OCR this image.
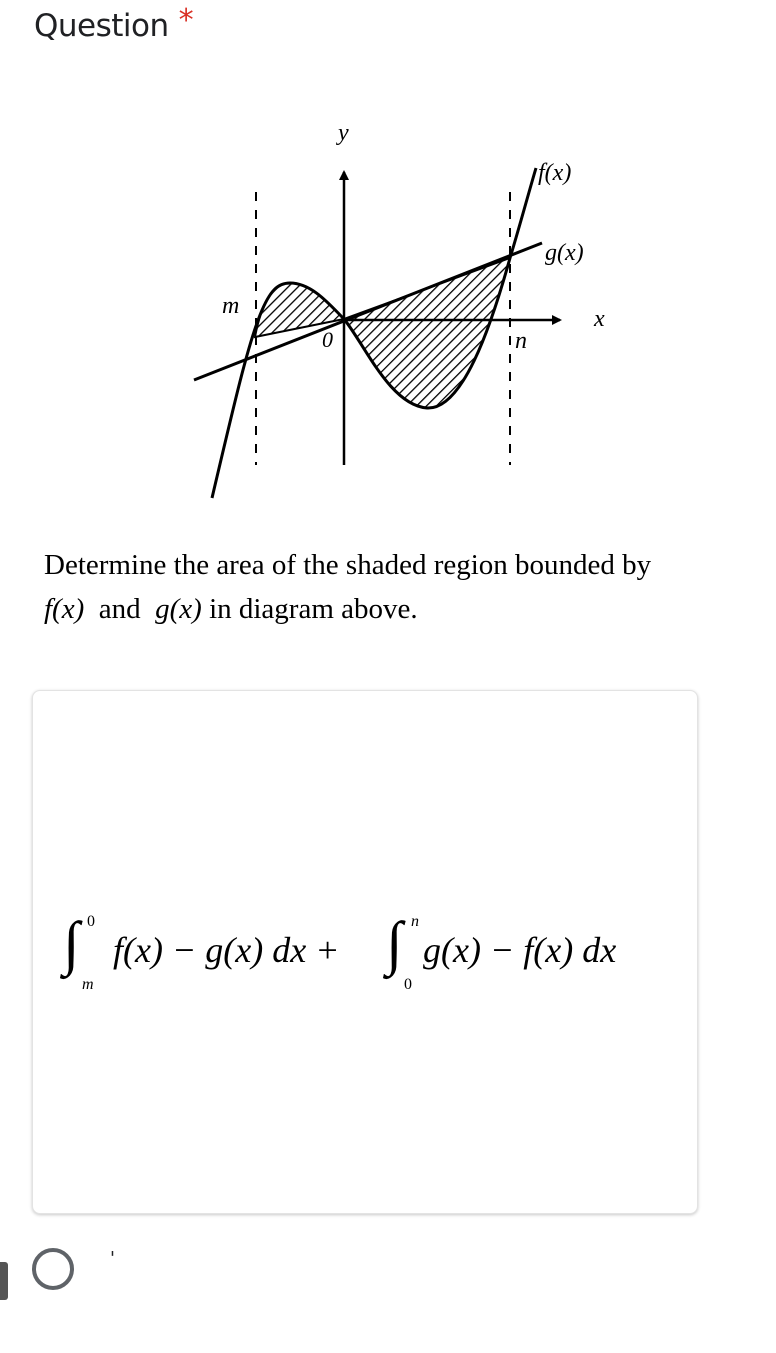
Question *
y
x
f(x)
g(x)
m
n
0
Determine the area of the shaded region bounded by
f(x) and g(x) in diagram above.
∫ 0
m
f(x) − g(x) dx + ∫ n
0
g(x) − f(x) dx
'
